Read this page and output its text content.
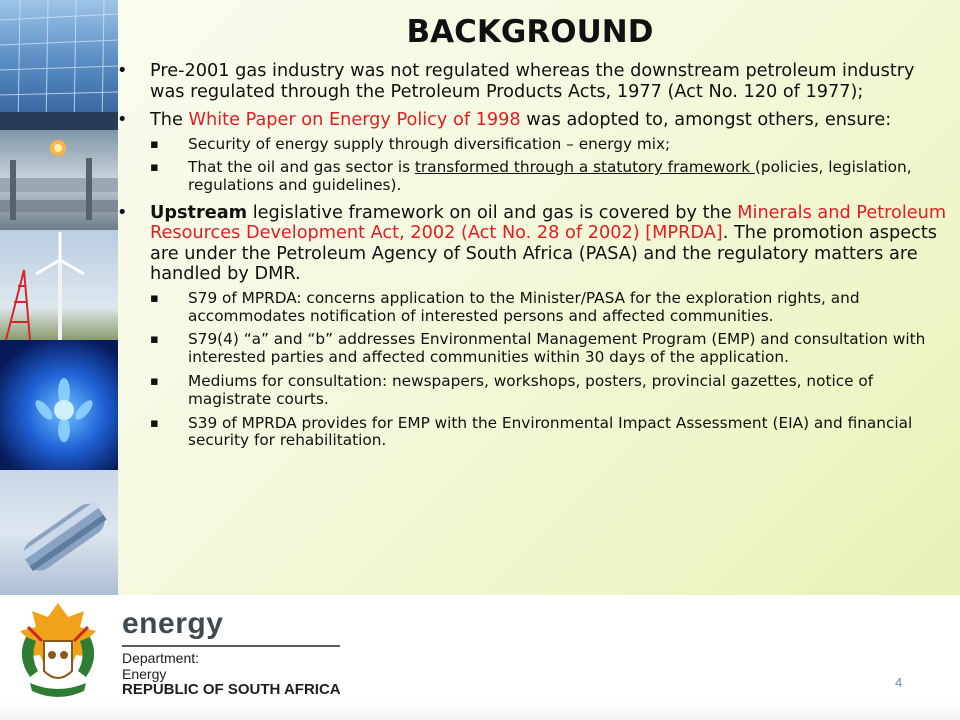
BACKGROUND
• Pre-2001 gas industry was not regulated whereas the downstream petroleum industry was regulated through the Petroleum Products Acts, 1977 (Act No. 120 of 1977);
• The White Paper on Energy Policy of 1998 was adopted to, amongst others, ensure:
▪ Security of energy supply through diversification – energy mix;
▪ That the oil and gas sector is transformed through a statutory framework (policies, legislation, regulations and guidelines).
• Upstream legislative framework on oil and gas is covered by the Minerals and Petroleum Resources Development Act, 2002 (Act No. 28 of 2002) [MPRDA]. The promotion aspects are under the Petroleum Agency of South Africa (PASA) and the regulatory matters are handled by DMR.
▪ S79 of MPRDA: concerns application to the Minister/PASA for the exploration rights, and accommodates notification of interested persons and affected communities.
▪ S79(4) “a” and “b” addresses Environmental Management Program (EMP) and consultation with interested parties and affected communities within 30 days of the application.
▪ Mediums for consultation: newspapers, workshops, posters, provincial gazettes, notice of magistrate courts.
▪ S39 of MPRDA provides for EMP with the Environmental Impact Assessment (EIA) and financial security for rehabilitation.
energy
Department:
Energy
REPUBLIC OF SOUTH AFRICA	4
